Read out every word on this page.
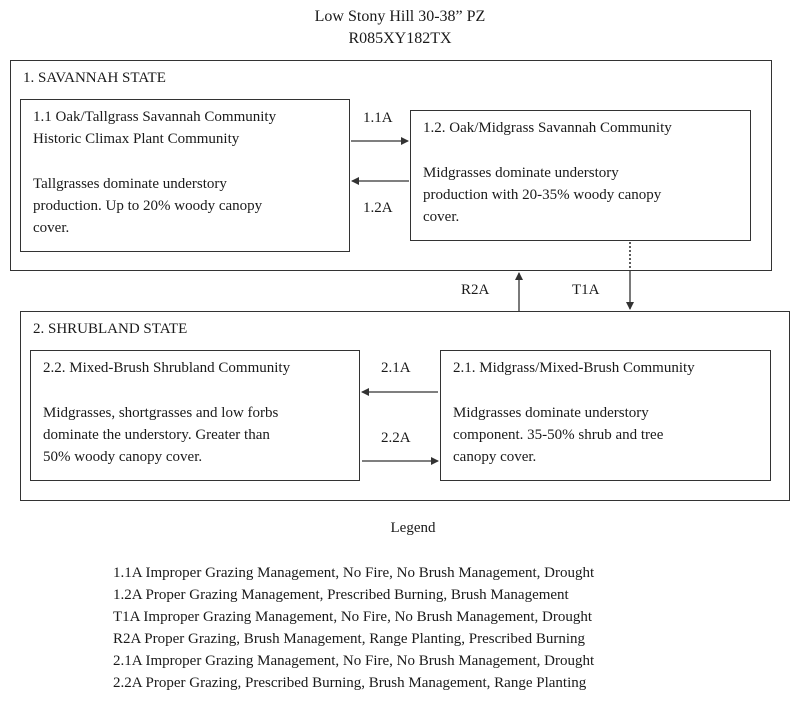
Low Stony Hill 30-38” PZ
R085XY182TX
1. SAVANNAH STATE
1.1 Oak/Tallgrass Savannah Community
Historic Climax Plant Community
Tallgrasses dominate understory
production. Up to 20% woody canopy
cover.
1.2. Oak/Midgrass Savannah Community
Midgrasses dominate understory
production with 20-35% woody canopy
cover.
2. SHRUBLAND STATE
2.2. Mixed-Brush Shrubland Community
Midgrasses, shortgrasses and low forbs
dominate the understory. Greater than
50% woody canopy cover.
2.1. Midgrass/Mixed-Brush Community
Midgrasses dominate understory
component. 35-50% shrub and tree
canopy cover.
1.1A
1.2A
R2A	T1A
2.1A
2.2A
Legend
1.1A Improper Grazing Management, No Fire, No Brush Management, Drought
1.2A Proper Grazing Management, Prescribed Burning, Brush Management
T1A Improper Grazing Management, No Fire, No Brush Management, Drought
R2A Proper Grazing, Brush Management, Range Planting, Prescribed Burning
2.1A Improper Grazing Management, No Fire, No Brush Management, Drought
2.2A Proper Grazing, Prescribed Burning, Brush Management, Range Planting
